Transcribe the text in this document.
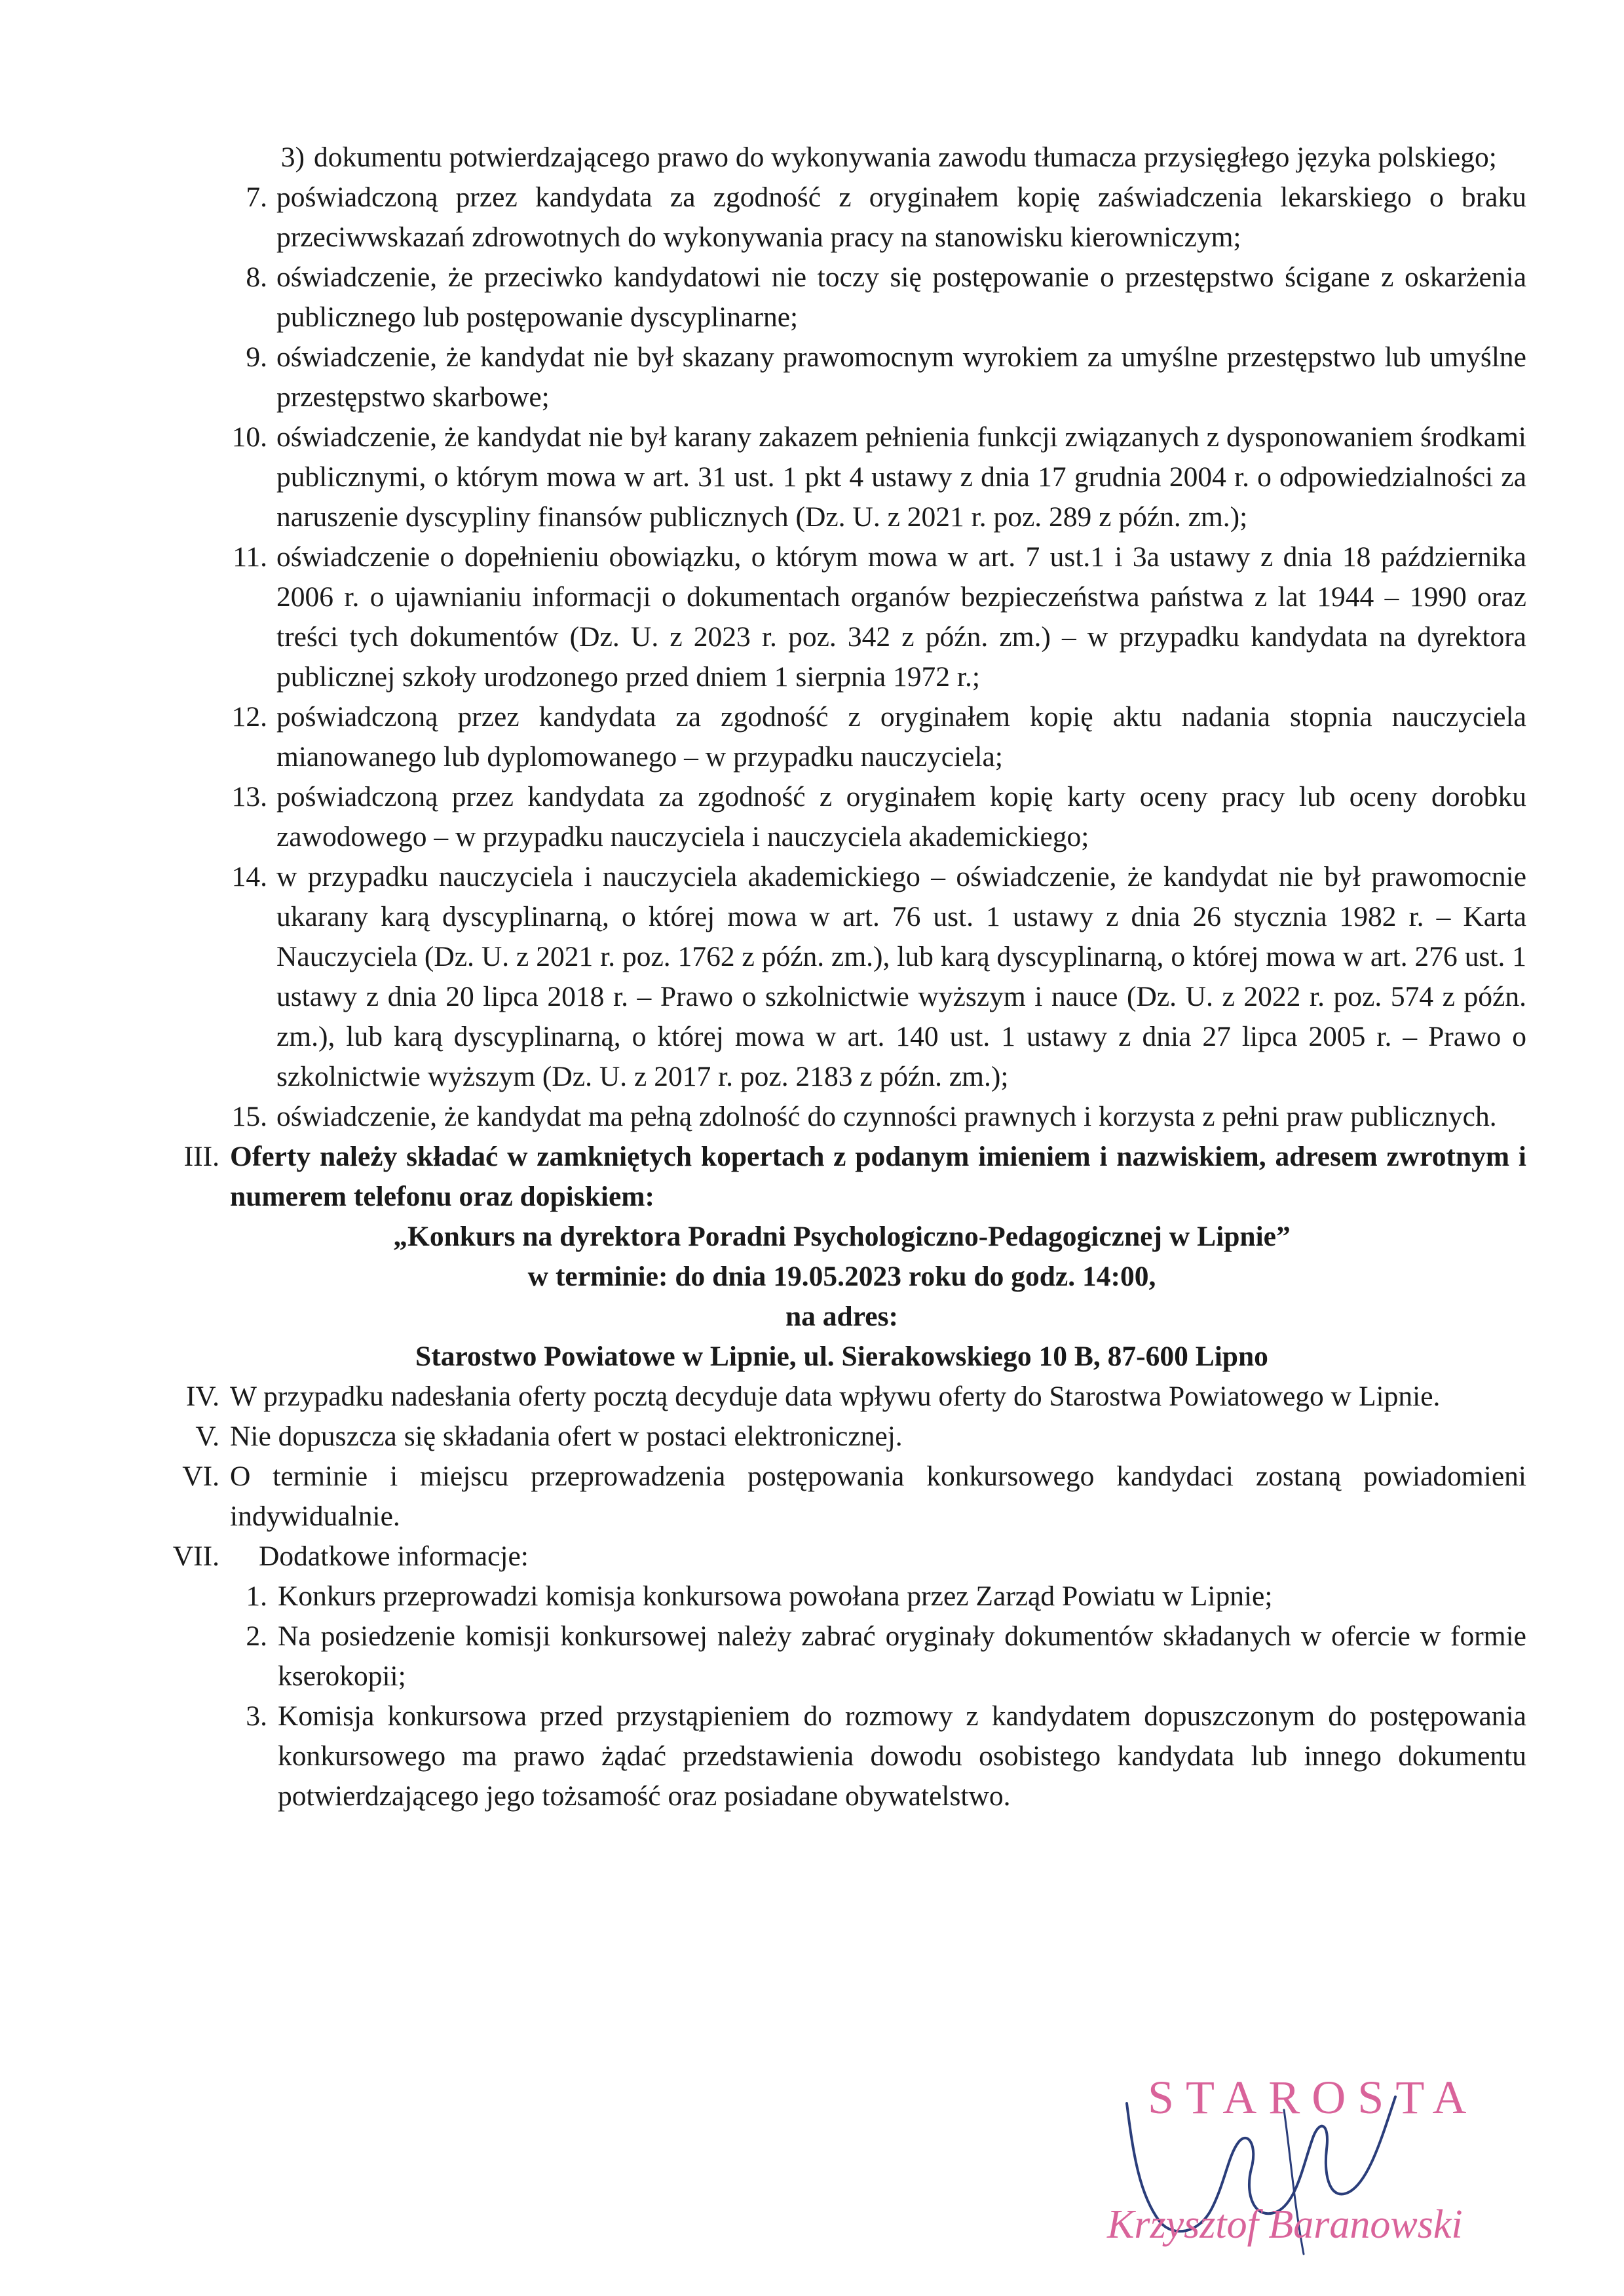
3) dokumentu potwierdzającego prawo do wykonywania zawodu tłumacza przysięgłego języka polskiego;
7. poświadczoną przez kandydata za zgodność z oryginałem kopię zaświadczenia lekarskiego o braku przeciwwskazań zdrowotnych do wykonywania pracy na stanowisku kierowniczym;
8. oświadczenie, że przeciwko kandydatowi nie toczy się postępowanie o przestępstwo ścigane z oskarżenia publicznego lub postępowanie dyscyplinarne;
9. oświadczenie, że kandydat nie był skazany prawomocnym wyrokiem za umyślne przestępstwo lub umyślne przestępstwo skarbowe;
10. oświadczenie, że kandydat nie był karany zakazem pełnienia funkcji związanych z dysponowaniem środkami publicznymi, o którym mowa w art. 31 ust. 1 pkt 4 ustawy z dnia 17 grudnia 2004 r. o odpowiedzialności za naruszenie dyscypliny finansów publicznych (Dz. U. z 2021 r. poz. 289 z późn. zm.);
11. oświadczenie o dopełnieniu obowiązku, o którym mowa w art. 7 ust.1 i 3a ustawy z dnia 18 października 2006 r. o ujawnianiu informacji o dokumentach organów bezpieczeństwa państwa z lat 1944 – 1990 oraz treści tych dokumentów (Dz. U. z 2023 r. poz. 342 z późn. zm.) – w przypadku kandydata na dyrektora publicznej szkoły urodzonego przed dniem 1 sierpnia 1972 r.;
12. poświadczoną przez kandydata za zgodność z oryginałem kopię aktu nadania stopnia nauczyciela mianowanego lub dyplomowanego – w przypadku nauczyciela;
13. poświadczoną przez kandydata za zgodność z oryginałem kopię karty oceny pracy lub oceny dorobku zawodowego – w przypadku nauczyciela i nauczyciela akademickiego;
14. w przypadku nauczyciela i nauczyciela akademickiego – oświadczenie, że kandydat nie był prawomocnie ukarany karą dyscyplinarną, o której mowa w art. 76 ust. 1 ustawy z dnia 26 stycznia 1982 r. – Karta Nauczyciela (Dz. U. z 2021 r. poz. 1762 z późn. zm.), lub karą dyscyplinarną, o której mowa w art. 276 ust. 1 ustawy z dnia 20 lipca 2018 r. – Prawo o szkolnictwie wyższym i nauce (Dz. U. z 2022 r. poz. 574 z późn. zm.), lub karą dyscyplinarną, o której mowa w art. 140 ust. 1 ustawy z dnia 27 lipca 2005 r. – Prawo o szkolnictwie wyższym (Dz. U. z 2017 r. poz. 2183 z późn. zm.);
15. oświadczenie, że kandydat ma pełną zdolność do czynności prawnych i korzysta z pełni praw publicznych.
III. Oferty należy składać w zamkniętych kopertach z podanym imieniem i nazwiskiem, adresem zwrotnym i numerem telefonu oraz dopiskiem:
„Konkurs na dyrektora Poradni Psychologiczno-Pedagogicznej w Lipnie”
w terminie: do dnia 19.05.2023 roku do godz. 14:00,
na adres:
Starostwo Powiatowe w Lipnie, ul. Sierakowskiego 10 B, 87-600 Lipno
IV. W przypadku nadesłania oferty pocztą decyduje data wpływu oferty do Starostwa Powiatowego w Lipnie.
V. Nie dopuszcza się składania ofert w postaci elektronicznej.
VI. O terminie i miejscu przeprowadzenia postępowania konkursowego kandydaci zostaną powiadomieni indywidualnie.
VII.	Dodatkowe informacje:
1. Konkurs przeprowadzi komisja konkursowa powołana przez Zarząd Powiatu w Lipnie;
2. Na posiedzenie komisji konkursowej należy zabrać oryginały dokumentów składanych w ofercie w formie kserokopii;
3. Komisja konkursowa przed przystąpieniem do rozmowy z kandydatem dopuszczonym do postępowania konkursowego ma prawo żądać przedstawienia dowodu osobistego kandydata lub innego dokumentu potwierdzającego jego tożsamość oraz posiadane obywatelstwo.
STAROSTA
Krzysztof Baranowski
